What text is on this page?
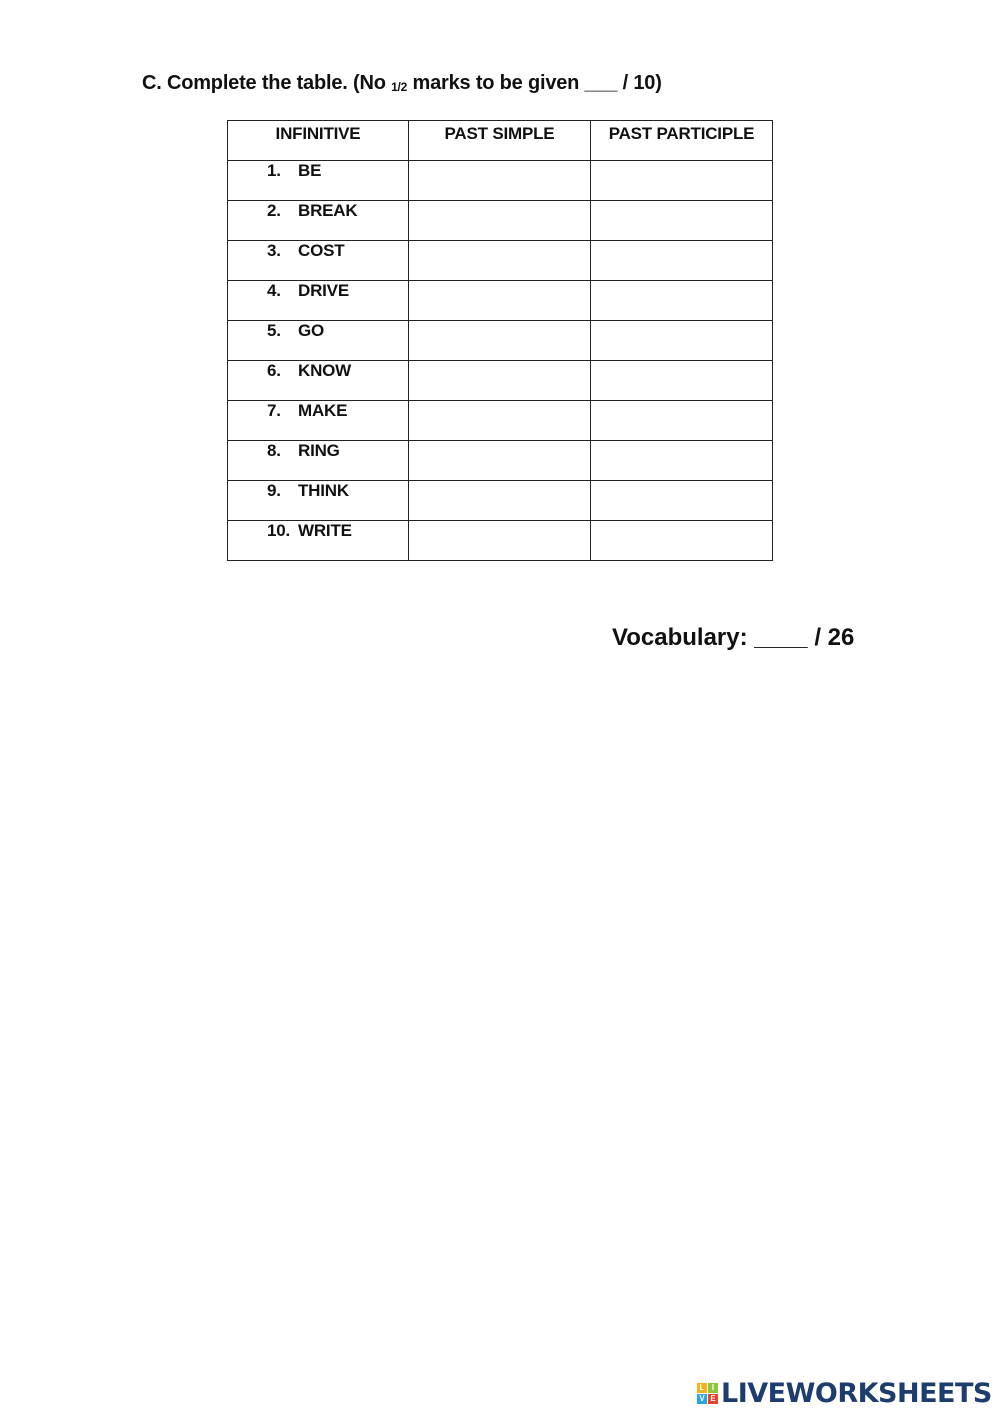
C. Complete the table. (No 1/2 marks to be given ___ / 10)
INFINITIVE	PAST SIMPLE	PAST PARTICIPLE
1. BE		
2. BREAK		
3. COST		
4. DRIVE		
5. GO		
6. KNOW		
7. MAKE		
8. RING		
9. THINK		
10. WRITE		
Vocabulary: ____ / 26
L I
V E LIVEWORKSHEETS
